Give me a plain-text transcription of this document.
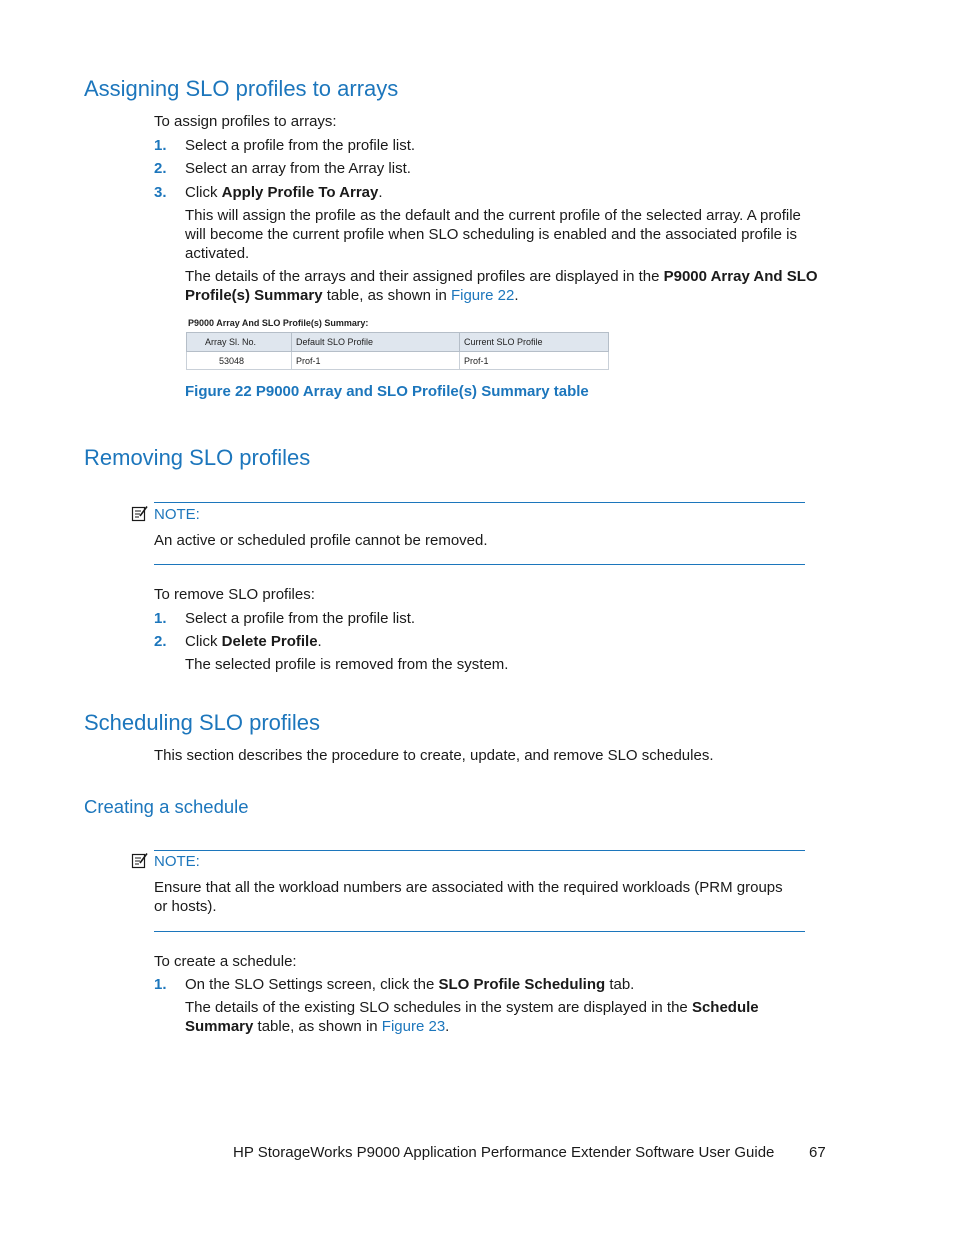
Assigning SLO profiles to arrays
To assign profiles to arrays:
1.	Select a profile from the profile list.
2.	Select an array from the Array list.
3.	Click Apply Profile To Array.
This will assign the profile as the default and the current profile of the selected array. A profile will become the current profile when SLO scheduling is enabled and the associated profile is activated.
The details of the arrays and their assigned profiles are displayed in the P9000 Array And SLO Profile(s) Summary table, as shown in Figure 22.
P9000 Array And SLO Profile(s) Summary:
Array Sl. No.	Default SLO Profile	Current SLO Profile
53048	Prof-1	Prof-1
Figure 22 P9000 Array and SLO Profile(s) Summary table
Removing SLO profiles
NOTE:
An active or scheduled profile cannot be removed.
To remove SLO profiles:
1.	Select a profile from the profile list.
2.	Click Delete Profile.
The selected profile is removed from the system.
Scheduling SLO profiles
This section describes the procedure to create, update, and remove SLO schedules.
Creating a schedule
NOTE:
Ensure that all the workload numbers are associated with the required workloads (PRM groups or hosts).
To create a schedule:
1.	On the SLO Settings screen, click the SLO Profile Scheduling tab.
The details of the existing SLO schedules in the system are displayed in the Schedule Summary table, as shown in Figure 23.
HP StorageWorks P9000 Application Performance Extender Software User Guide 67
